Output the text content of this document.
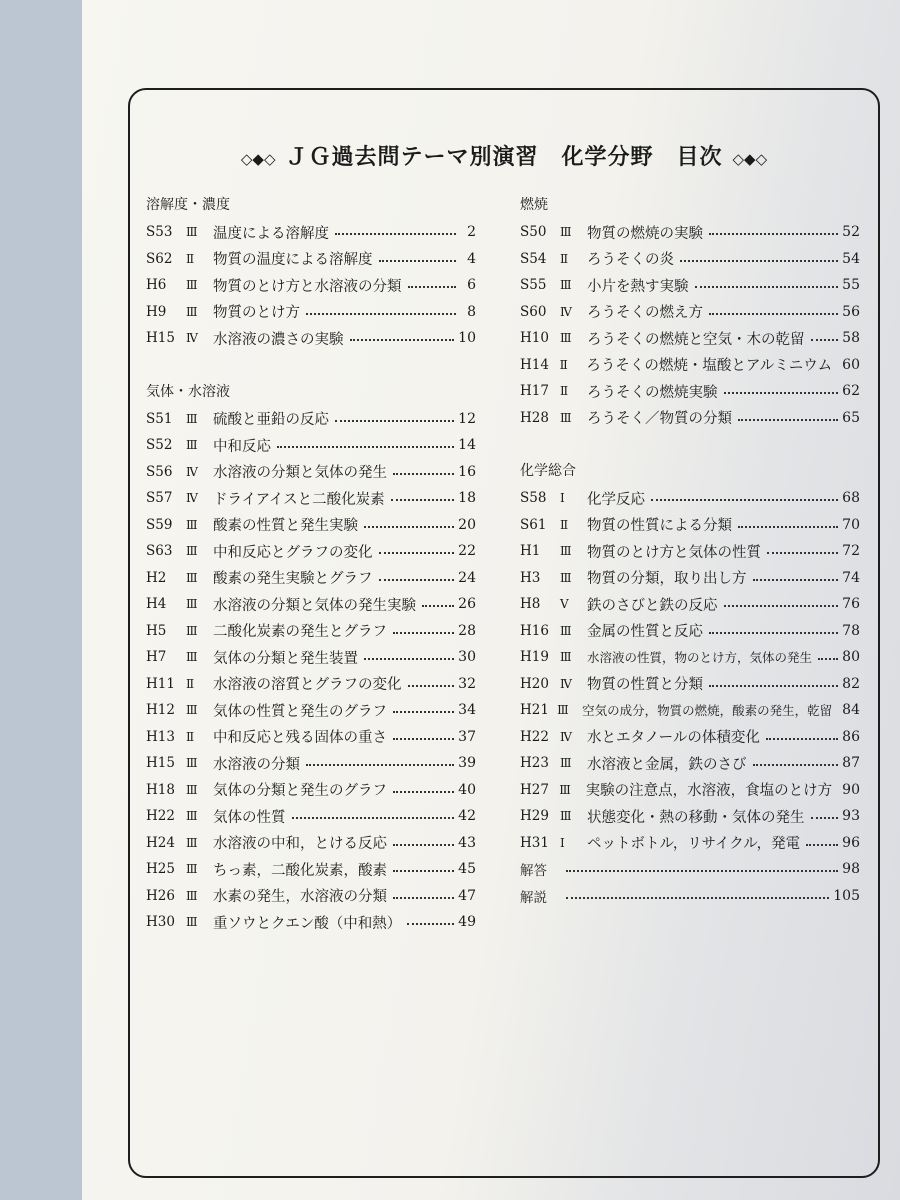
◇◆◇ ＪＧ過去問テーマ別演習　化学分野　目次 ◇◆◇
溶解度・濃度
S53	Ⅲ	温度による溶解度	2
S62	Ⅱ	物質の温度による溶解度	4
H6	Ⅲ	物質のとけ方と水溶液の分類	6
H9	Ⅲ	物質のとけ方	8
H15 Ⅳ	水溶液の濃さの実験	10
気体・水溶液
S51	Ⅲ	硫酸と亜鉛の反応	12
S52	Ⅲ	中和反応	14
S56	Ⅳ	水溶液の分類と気体の発生	16
S57	Ⅳ	ドライアイスと二酸化炭素	18
S59	Ⅲ	酸素の性質と発生実験	20
S63	Ⅲ	中和反応とグラフの変化	22
H2	Ⅲ	酸素の発生実験とグラフ	24
H4	Ⅲ	水溶液の分類と気体の発生実験	26
H5	Ⅲ	二酸化炭素の発生とグラフ	28
H7	Ⅲ	気体の分類と発生装置	30
H11 Ⅱ	水溶液の溶質とグラフの変化	32
H12 Ⅲ	気体の性質と発生のグラフ	34
H13 Ⅱ	中和反応と残る固体の重さ	37
H15 Ⅲ	水溶液の分類	39
H18 Ⅲ	気体の分類と発生のグラフ	40
H22 Ⅲ	気体の性質	42
H24 Ⅲ	水溶液の中和，とける反応	43
H25 Ⅲ	ちっ素，二酸化炭素，酸素	45
H26 Ⅲ	水素の発生，水溶液の分類	47
H30 Ⅲ	重ソウとクエン酸（中和熱）	49
燃焼
S50	Ⅲ	物質の燃焼の実験	52
S54	Ⅱ	ろうそくの炎	54
S55	Ⅲ	小片を熱す実験	55
S60	Ⅳ	ろうそくの燃え方	56
H10 Ⅲ	ろうそくの燃焼と空気・木の乾留	58
H14 Ⅱ	ろうそくの燃焼・塩酸とアルミニウム 60
H17 Ⅱ	ろうそくの燃焼実験	62
H28 Ⅲ	ろうそく／物質の分類	65
化学総合
S58	Ⅰ	化学反応	68
S61	Ⅱ	物質の性質による分類	70
H1	Ⅲ	物質のとけ方と気体の性質	72
H3	Ⅲ	物質の分類，取り出し方	74
H8	Ⅴ	鉄のさびと鉄の反応	76
H16 Ⅲ	金属の性質と反応	78
H19 Ⅲ	水溶液の性質，物のとけ方，気体の発生 80
H20 Ⅳ	物質の性質と分類	82
H21 Ⅲ	空気の成分，物質の燃焼，酸素の発生，乾留 84
H22 Ⅳ	水とエタノールの体積変化	86
H23 Ⅲ	水溶液と金属，鉄のさび	87
H27 Ⅲ	実験の注意点，水溶液，食塩のとけ方 90
H29 Ⅲ	状態変化・熱の移動・気体の発生	93
H31 Ⅰ	ペットボトル，リサイクル，発電	96
解答	98
解説	105
